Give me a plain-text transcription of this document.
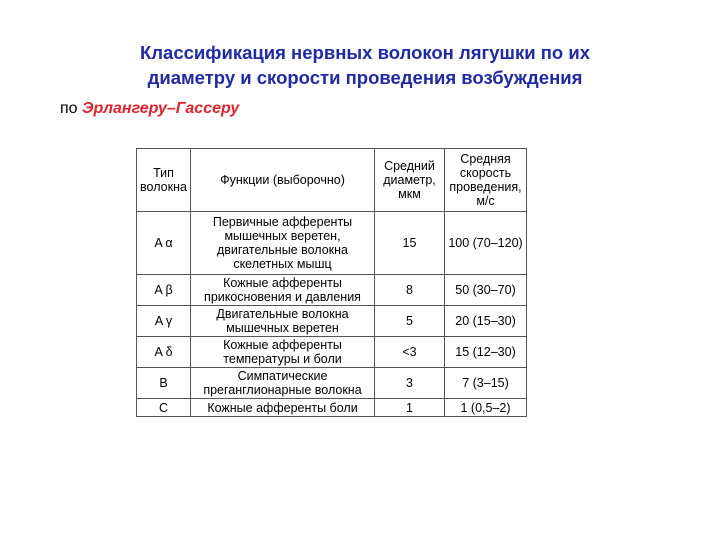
Классификация нервных волокон лягушки по их
диаметру и скорости проведения возбуждения
по Эрлангеру–Гассеру
Тип волокна	Функции (выборочно)	Средний диаметр, мкм	Средняя скорость проведения, м/с
A α	Первичные афференты мышечных веретен, двигательные волокна скелетных мышц	15	100 (70–120)
A β	Кожные афференты прикосновения и давления	8	50 (30–70)
A γ	Двигательные волокна мышечных веретен	5	20 (15–30)
A δ	Кожные афференты температуры и боли	<3	15 (12–30)
B	Симпатические преганглионарные волокна	3	7 (3–15)
C	Кожные афференты боли	1	1 (0,5–2)
